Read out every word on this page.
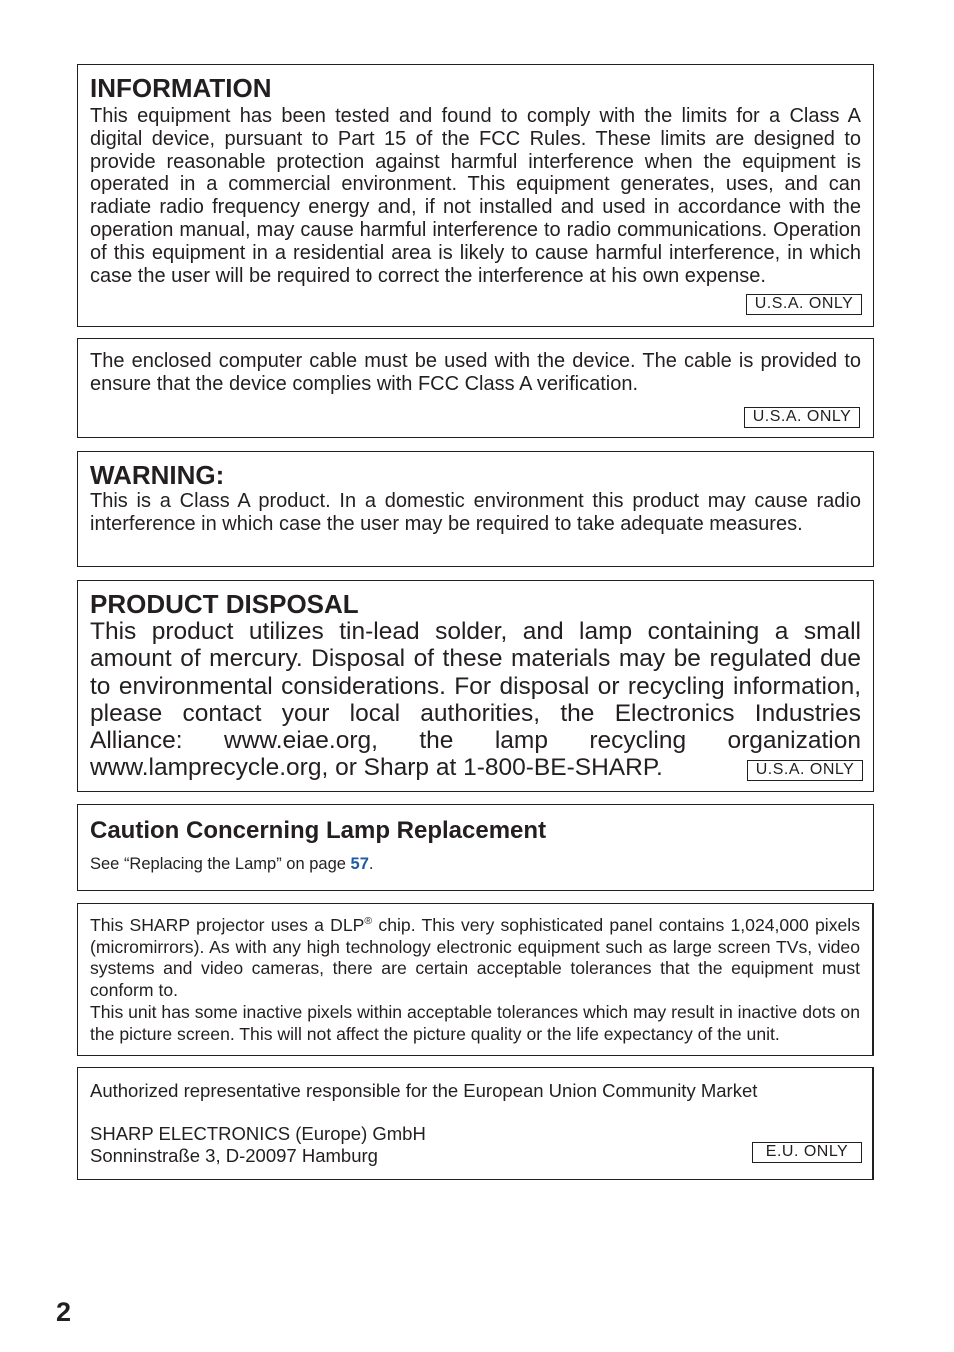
INFORMATION
This equipment has been tested and found to comply with the limits for a Class A digital device, pursuant to Part 15 of the FCC Rules. These limits are designed to provide reasonable protection against harmful interference when the equipment is operated in a commercial environment. This equipment generates, uses, and can radiate radio frequency energy and, if not installed and used in accordance with the operation manual, may cause harmful interference to radio communications. Operation of this equipment in a residential area is likely to cause harmful interference, in which case the user will be required to correct the interference at his own expense.
U.S.A. ONLY
The enclosed computer cable must be used with the device. The cable is provided to ensure that the device complies with FCC Class A verification.
U.S.A. ONLY
WARNING:
This is a Class A product. In a domestic environment this product may cause radio interference in which case the user may be required to take adequate measures.
PRODUCT DISPOSAL
This product utilizes tin-lead solder, and lamp containing a small amount of mercury. Disposal of these materials may be regulated due to environmental considerations. For disposal or recycling information, please contact your local authorities, the Electronics Industries Alliance: www.eiae.org, the lamp recycling organization www.lamprecycle.org, or Sharp at 1-800-BE-SHARP.	U.S.A. ONLY
Caution Concerning Lamp Replacement
See “Replacing the Lamp” on page 57.
This SHARP projector uses a DLP® chip. This very sophisticated panel contains 1,024,000 pixels (micromirrors). As with any high technology electronic equipment such as large screen TVs, video systems and video cameras, there are certain acceptable tolerances that the equipment must conform to.
This unit has some inactive pixels within acceptable tolerances which may result in inactive dots on the picture screen. This will not affect the picture quality or the life expectancy of the unit.
Authorized representative responsible for the European Union Community Market
SHARP ELECTRONICS (Europe) GmbH
Sonninstraße 3, D-20097 Hamburg	E.U. ONLY
2
